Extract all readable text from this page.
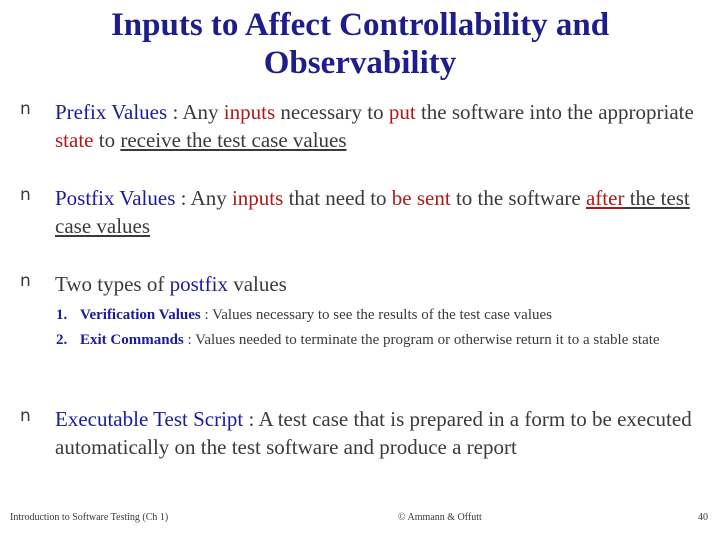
Inputs to Affect Controllability and Observability
n Prefix Values : Any inputs necessary to put the software into the appropriate state to receive the test case values
n Postfix Values : Any inputs that need to be sent to the software after the test case values
n Two types of postfix values
1. Verification Values : Values necessary to see the results of the test case values
2. Exit Commands : Values needed to terminate the program or otherwise return it to a stable state
n Executable Test Script : A test case that is prepared in a form to be executed automatically on the test software and produce a report
Introduction to Software Testing (Ch 1)	© Ammann & Offutt	40
